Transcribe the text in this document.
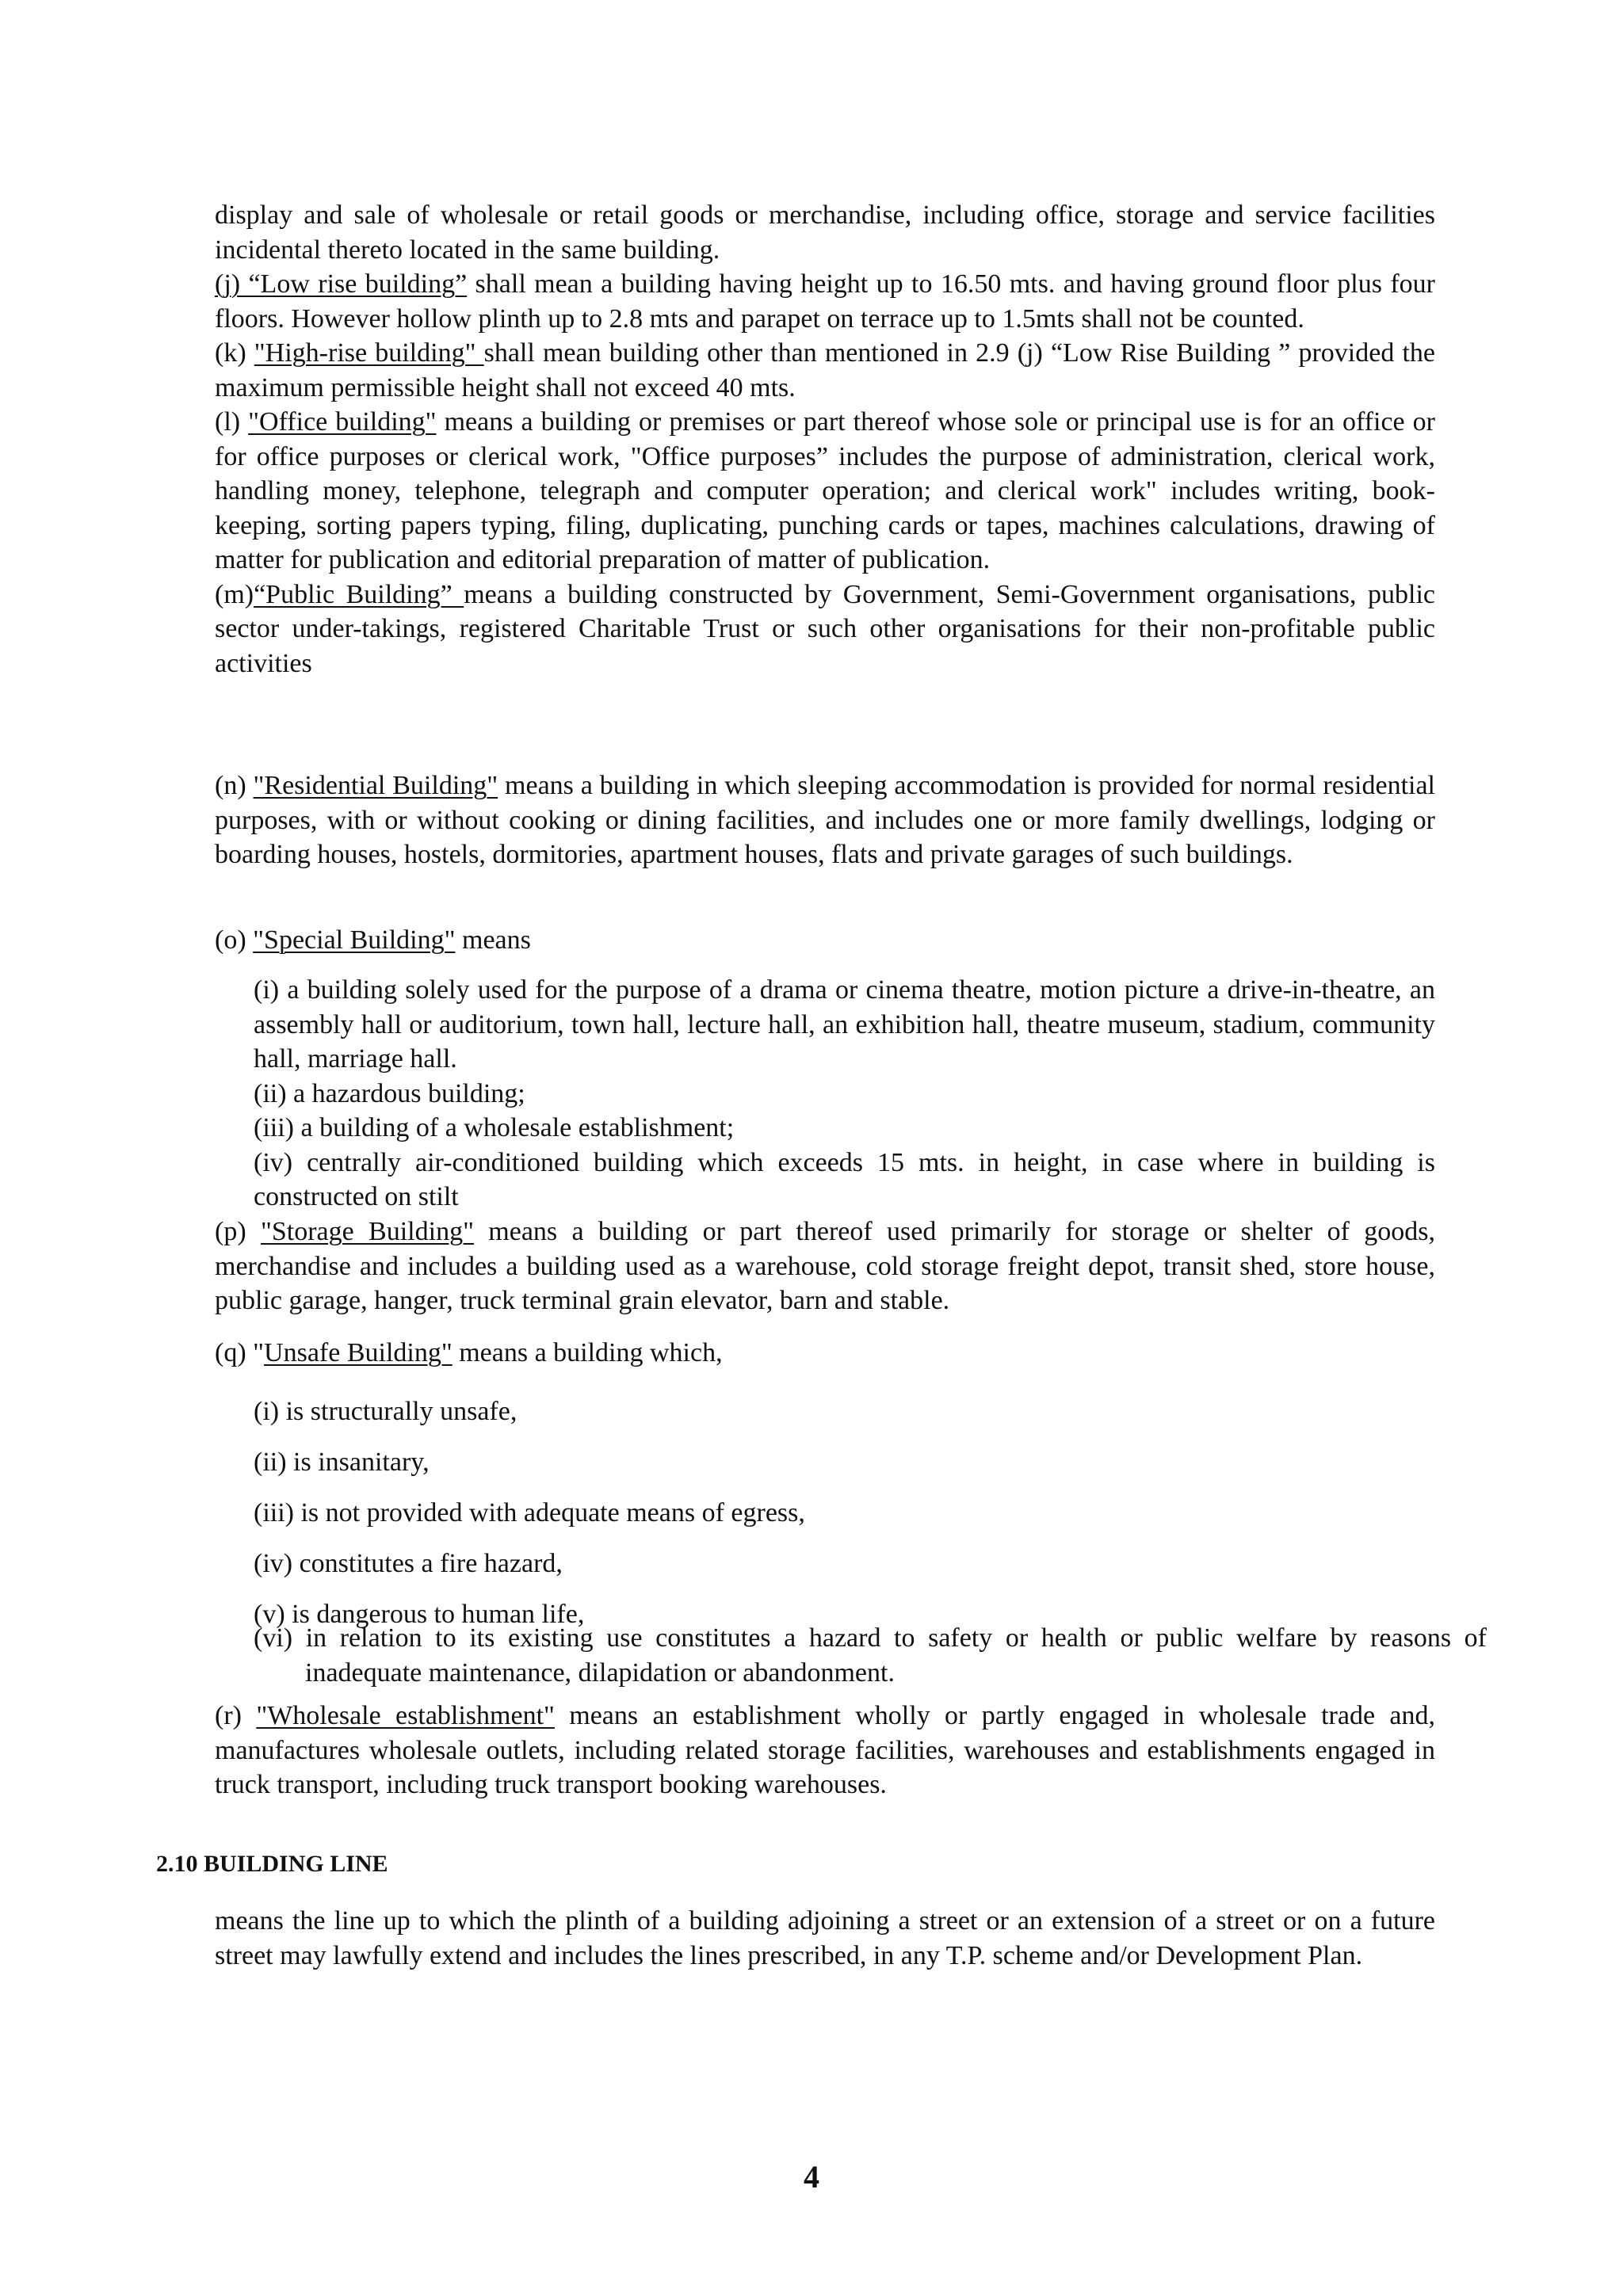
display and sale of wholesale or retail goods or merchandise, including office, storage and service facilities incidental thereto located in the same building.
(j) “Low rise building” shall mean a building having height up to 16.50 mts. and having ground floor plus four floors. However hollow plinth up to 2.8 mts and parapet on terrace up to 1.5mts shall not be counted.
(k) "High-rise building" shall mean building other than mentioned in 2.9 (j) “Low Rise Building ” provided the maximum permissible height shall not exceed 40 mts.
(l) "Office building" means a building or premises or part thereof whose sole or principal use is for an office or for office purposes or clerical work, "Office purposes” includes the purpose of administration, clerical work, handling money, telephone, telegraph and computer operation; and clerical work" includes writing, book-keeping, sorting papers typing, filing, duplicating, punching cards or tapes, machines calculations, drawing of matter for publication and editorial preparation of matter of publication.
(m)“Public Building” means a building constructed by Government, Semi-Government organisations, public sector under-takings, registered Charitable Trust or such other organisations for their non-profitable public activities
(n) "Residential Building" means a building in which sleeping accommodation is provided for normal residential purposes, with or without cooking or dining facilities, and includes one or more family dwellings, lodging or boarding houses, hostels, dormitories, apartment houses, flats and private garages of such buildings.
(o) "Special Building" means
(i) a building solely used for the purpose of a drama or cinema theatre, motion picture a drive-in-theatre, an assembly hall or auditorium, town hall, lecture hall, an exhibition hall, theatre museum, stadium, community hall, marriage hall.
(ii) a hazardous building;
(iii) a building of a wholesale establishment;
(iv) centrally air-conditioned building which exceeds 15 mts. in height, in case where in building is constructed on stilt
(p) "Storage Building" means a building or part thereof used primarily for storage or shelter of goods, merchandise and includes a building used as a warehouse, cold storage freight depot, transit shed, store house, public garage, hanger, truck terminal grain elevator, barn and stable.
(q) "Unsafe Building" means a building which,
(i) is structurally unsafe,
(ii) is insanitary,
(iii) is not provided with adequate means of egress,
(iv) constitutes a fire hazard,
(v) is dangerous to human life,
(vi) in relation to its existing use constitutes a hazard to safety or health or public welfare by reasons of inadequate maintenance, dilapidation or abandonment.
(r) "Wholesale establishment" means an establishment wholly or partly engaged in wholesale trade and, manufactures wholesale outlets, including related storage facilities, warehouses and establishments engaged in truck transport, including truck transport booking warehouses.
2.10 BUILDING LINE
means the line up to which the plinth of a building adjoining a street or an extension of a street or on a future street may lawfully extend and includes the lines prescribed, in any T.P. scheme and/or Development Plan.
4
